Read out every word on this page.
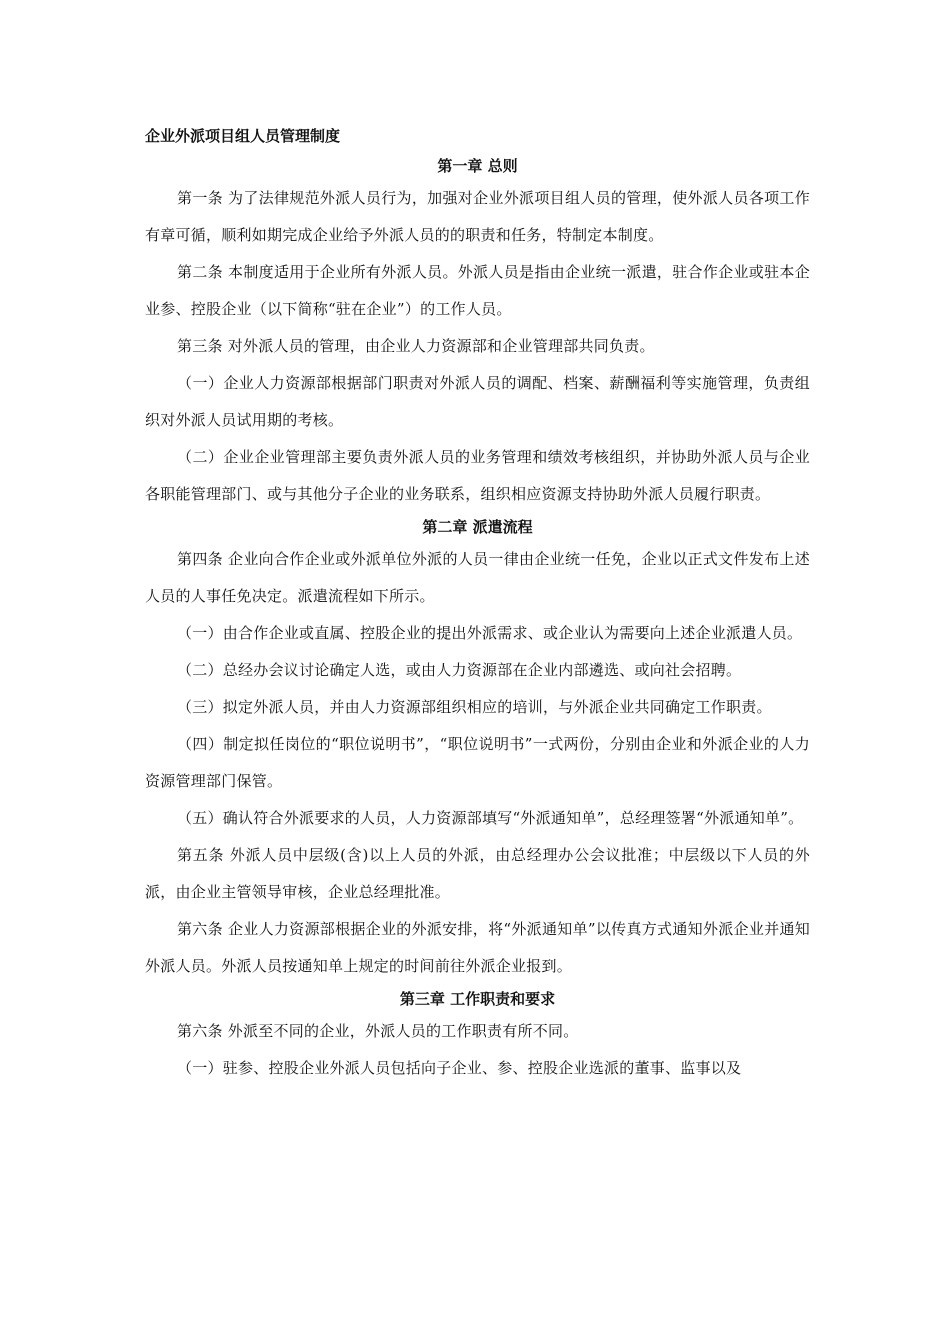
企业外派项目组人员管理制度
第一章 总则

第一条 为了法律规范外派人员行为，加强对企业外派项目组人员的管理，使外派人员各项工作有章可循，顺利如期完成企业给予外派人员的的职责和任务，特制定本制度。

第二条 本制度适用于企业所有外派人员。外派人员是指由企业统一派遣，驻合作企业或驻本企业参、控股企业（以下简称“驻在企业”）的工作人员。

第三条 对外派人员的管理，由企业人力资源部和企业管理部共同负责。

（一）企业人力资源部根据部门职责对外派人员的调配、档案、薪酬福利等实施管理，负责组织对外派人员试用期的考核。

（二）企业企业管理部主要负责外派人员的业务管理和绩效考核组织，并协助外派人员与企业各职能管理部门、或与其他分子企业的业务联系，组织相应资源支持协助外派人员履行职责。

第二章 派遣流程

第四条 企业向合作企业或外派单位外派的人员一律由企业统一任免，企业以正式文件发布上述人员的人事任免决定。派遣流程如下所示。

（一）由合作企业或直属、控股企业的提出外派需求、或企业认为需要向上述企业派遣人员。

（二）总经办会议讨论确定人选，或由人力资源部在企业内部遴选、或向社会招聘。

（三）拟定外派人员，并由人力资源部组织相应的培训，与外派企业共同确定工作职责。

（四）制定拟任岗位的“职位说明书”，“职位说明书”一式两份，分别由企业和外派企业的人力资源管理部门保管。

（五）确认符合外派要求的人员，人力资源部填写“外派通知单”，总经理签署“外派通知单”。

第五条 外派人员中层级(含)以上人员的外派，由总经理办公会议批准；中层级以下人员的外派，由企业主管领导审核，企业总经理批准。

第六条 企业人力资源部根据企业的外派安排，将“外派通知单”以传真方式通知外派企业并通知外派人员。外派人员按通知单上规定的时间前往外派企业报到。

第三章 工作职责和要求

第六条 外派至不同的企业，外派人员的工作职责有所不同。

（一）驻参、控股企业外派人员包括向子企业、参、控股企业选派的董事、监事以及
